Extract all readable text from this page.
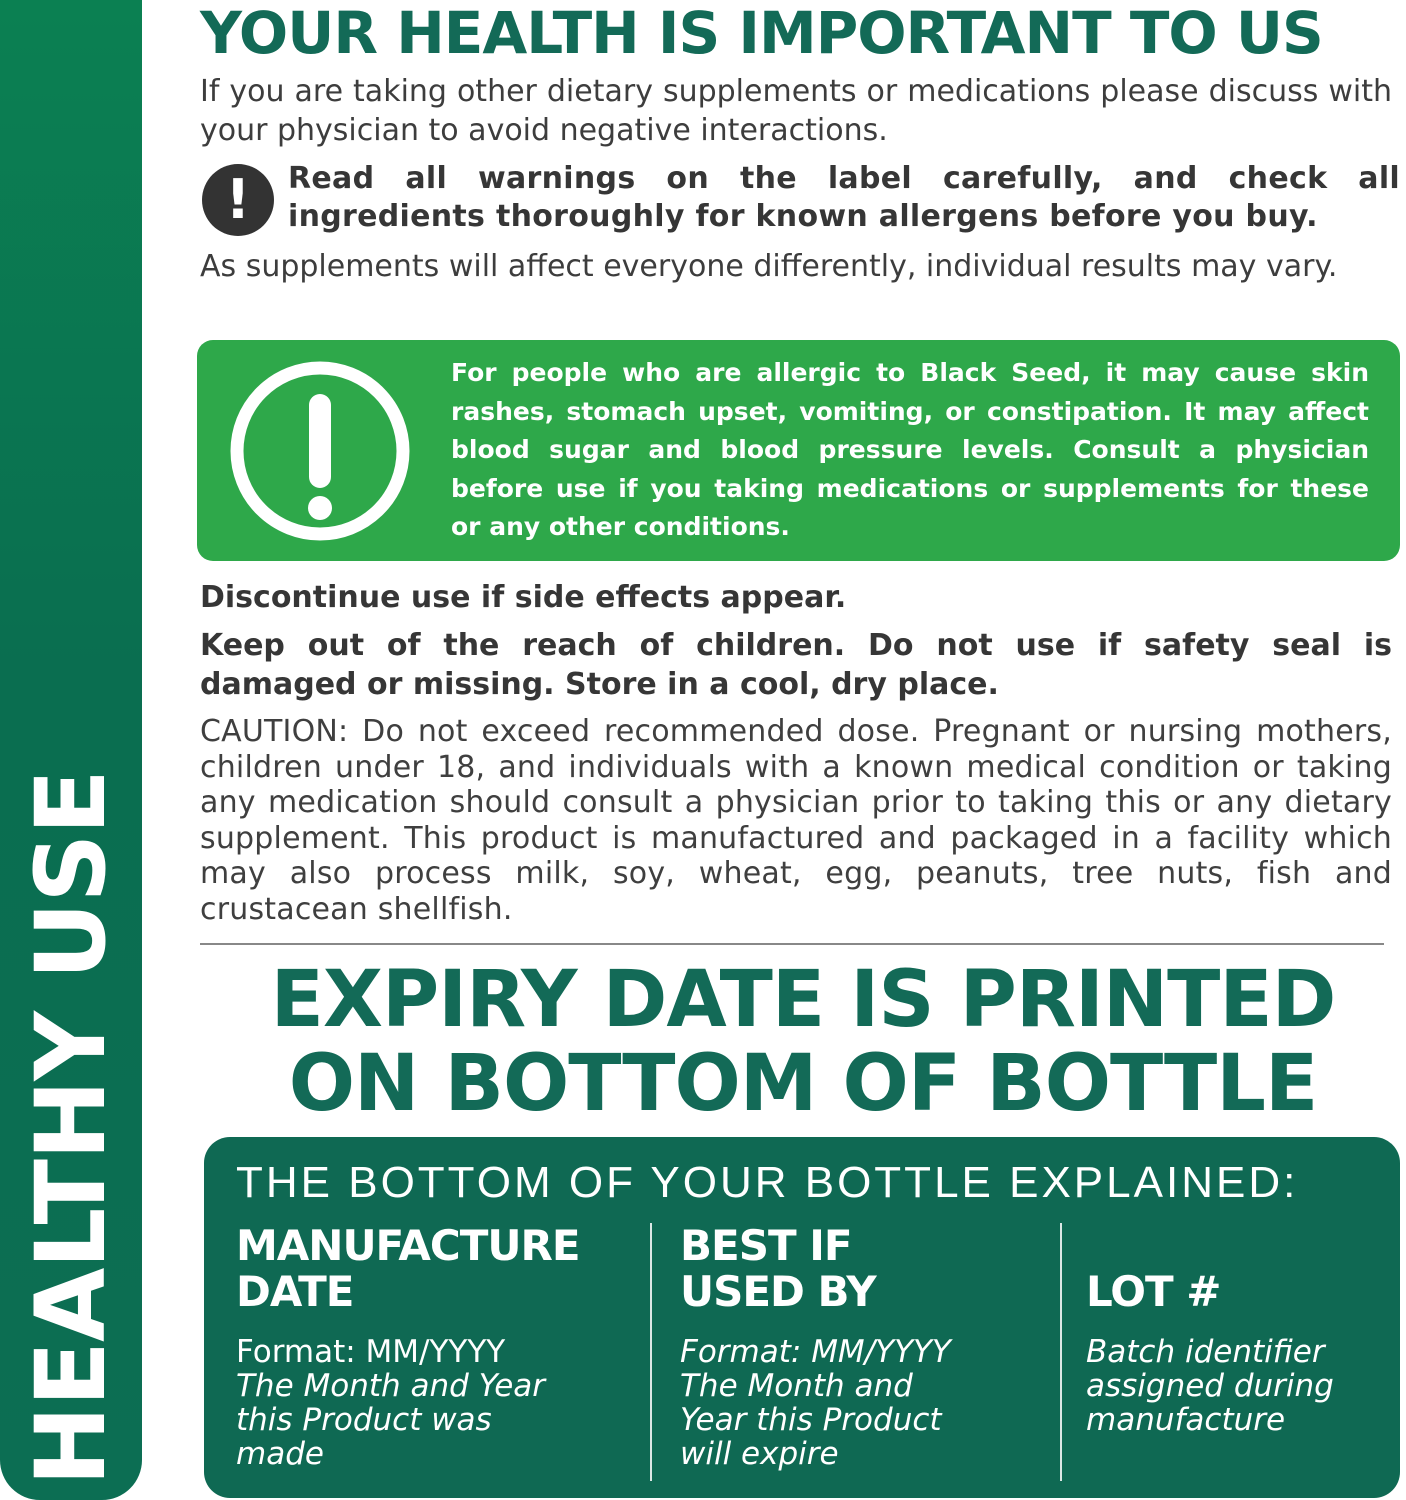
HEALTHY USE
YOUR HEALTH IS IMPORTANT TO US

If you are taking other dietary supplements or medications please discuss with your physician to avoid negative interactions.

!	Read all warnings on the label carefully, and check all ingredients thoroughly for known allergens before you buy.

As supplements will affect everyone differently, individual results may vary.

For people who are allergic to Black Seed, it may cause skin rashes, stomach upset, vomiting, or constipation. It may affect blood sugar and blood pressure levels. Consult a physician before use if you taking medications or supplements for these or any other conditions.

Discontinue use if side effects appear.

Keep out of the reach of children. Do not use if safety seal is damaged or missing. Store in a cool, dry place.

CAUTION: Do not exceed recommended dose. Pregnant or nursing mothers, children under 18, and individuals with a known medical condition or taking any medication should consult a physician prior to taking this or any dietary supplement. This product is manufactured and packaged in a facility which may also process milk, soy, wheat, egg, peanuts, tree nuts, fish and crustacean shellfish.

EXPIRY DATE IS PRINTED
ON BOTTOM OF BOTTLE
THE BOTTOM OF YOUR BOTTLE EXPLAINED:
MANUFACTURE
DATE
Format: MM/YYYY
The Month and Year
this Product was
made
BEST IF
USED BY
Format: MM/YYYY
The Month and
Year this Product
will expire
LOT #
Batch identifier
assigned during
manufacture
